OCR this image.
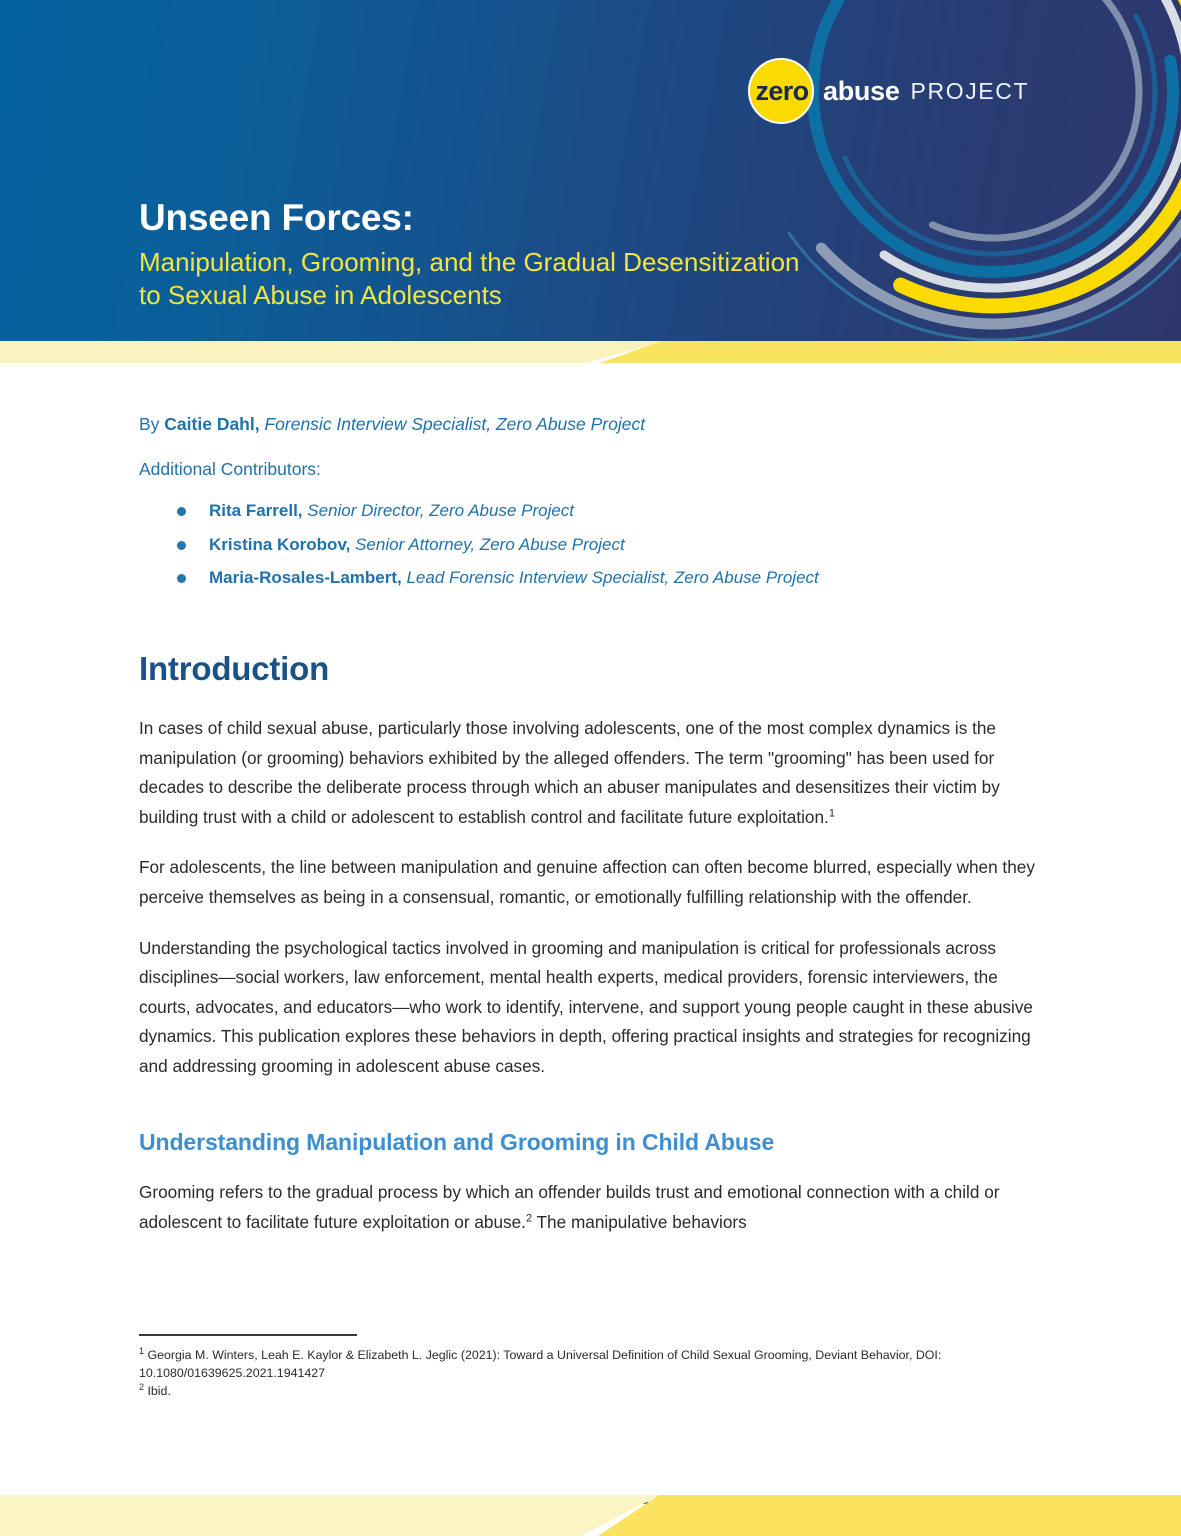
zero abuse PROJECT
Unseen Forces:
Manipulation, Grooming, and the Gradual Desensitization
to Sexual Abuse in Adolescents
By Caitie Dahl, Forensic Interview Specialist, Zero Abuse Project
Additional Contributors:
Rita Farrell, Senior Director, Zero Abuse Project
Kristina Korobov, Senior Attorney, Zero Abuse Project
Maria-Rosales-Lambert, Lead Forensic Interview Specialist, Zero Abuse Project
Introduction

In cases of child sexual abuse, particularly those involving adolescents, one of the most complex dynamics is the manipulation (or grooming) behaviors exhibited by the alleged offenders. The term "grooming" has been used for decades to describe the deliberate process through which an abuser manipulates and desensitizes their victim by building trust with a child or adolescent to establish control and facilitate future exploitation.$^1$

For adolescents, the line between manipulation and genuine affection can often become blurred, especially when they perceive themselves as being in a consensual, romantic, or emotionally fulfilling relationship with the offender.

Understanding the psychological tactics involved in grooming and manipulation is critical for professionals across disciplines—social workers, law enforcement, mental health experts, medical providers, forensic interviewers, the courts, advocates, and educators—who work to identify, intervene, and support young people caught in these abusive dynamics. This publication explores these behaviors in depth, offering practical insights and strategies for recognizing and addressing grooming in adolescent abuse cases.

Understanding Manipulation and Grooming in Child Abuse

Grooming refers to the gradual process by which an offender builds trust and emotional connection with a child or adolescent to facilitate future exploitation or abuse.$^2$ The manipulative behaviors

$^1$ Georgia M. Winters, Leah E. Kaylor & Elizabeth L. Jeglic (2021): Toward a Universal Definition of Child Sexual Grooming, Deviant Behavior, DOI: 10.1080/01639625.2021.1941427
$^2$ Ibid.
